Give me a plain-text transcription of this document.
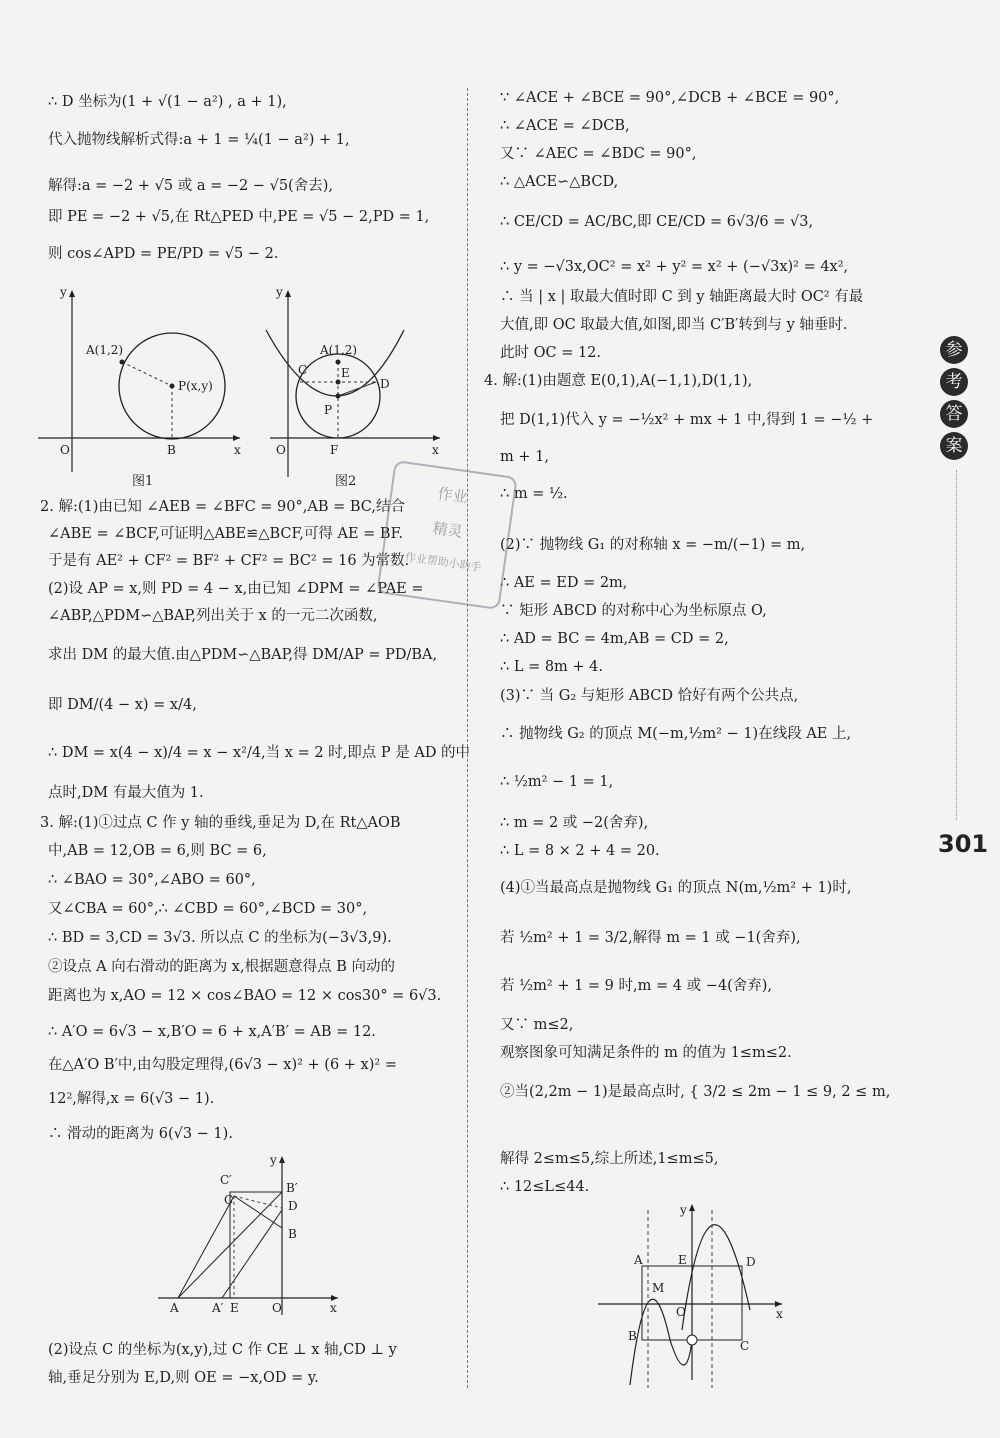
∴ D 坐标为(1 + √(1 − a²) , a + 1),
代入抛物线解析式得:a + 1 = ¼(1 − a²) + 1,
解得:a = −2 + √5 或 a = −2 − √5(舍去),
即 PE = −2 + √5,在 Rt△PED 中,PE = √5 − 2,PD = 1,
则 cos∠APD = PE/PD = √5 − 2.
2. 解:(1)由已知 ∠AEB = ∠BFC = 90°,AB = BC,结合
∠ABE = ∠BCF,可证明△ABE≌△BCF,可得 AE = BF.
于是有 AE² + CF² = BF² + CF² = BC² = 16 为常数.
(2)设 AP = x,则 PD = 4 − x,由已知 ∠DPM = ∠PAE =
∠ABP,△PDM∽△BAP,列出关于 x 的一元二次函数,
求出 DM 的最大值.由△PDM∽△BAP,得 DM/AP = PD/BA,
即 DM/(4 − x) = x/4,
∴ DM = x(4 − x)/4 = x − x²/4,当 x = 2 时,即点 P 是 AD 的中
点时,DM 有最大值为 1.
3. 解:(1)①过点 C 作 y 轴的垂线,垂足为 D,在 Rt△AOB
中,AB = 12,OB = 6,则 BC = 6,
∴ ∠BAO = 30°,∠ABO = 60°,
又∠CBA = 60°,∴ ∠CBD = 60°,∠BCD = 30°,
∴ BD = 3,CD = 3√3. 所以点 C 的坐标为(−3√3,9).
②设点 A 向右滑动的距离为 x,根据题意得点 B 向动的
距离也为 x,AO = 12 × cos∠BAO = 12 × cos30° = 6√3.
∴ A′O = 6√3 − x,B′O = 6 + x,A′B′ = AB = 12.
在△A′O B′中,由勾股定理得,(6√3 − x)² + (6 + x)² =
12²,解得,x = 6(√3 − 1).
∴ 滑动的距离为 6(√3 − 1).
(2)设点 C 的坐标为(x,y),过 C 作 CE ⊥ x 轴,CD ⊥ y
轴,垂足分别为 E,D,则 OE = −x,OD = y.
∵ ∠ACE + ∠BCE = 90°,∠DCB + ∠BCE = 90°,
∴ ∠ACE = ∠DCB,
又∵ ∠AEC = ∠BDC = 90°,
∴ △ACE∽△BCD,
∴ CE/CD = AC/BC,即 CE/CD = 6√3/6 = √3,
∴ y = −√3x,OC² = x² + y² = x² + (−√3x)² = 4x²,
∴ 当 | x | 取最大值时即 C 到 y 轴距离最大时 OC² 有最
大值,即 OC 取最大值,如图,即当 C′B′转到与 y 轴垂时.
此时 OC = 12.
4. 解:(1)由题意 E(0,1),A(−1,1),D(1,1),
把 D(1,1)代入 y = −½x² + mx + 1 中,得到 1 = −½ +
m + 1,
∴ m = ½.
(2)∵ 抛物线 G₁ 的对称轴 x = −m/(−1) = m,
∴ AE = ED = 2m,
∵ 矩形 ABCD 的对称中心为坐标原点 O,
∴ AD = BC = 4m,AB = CD = 2,
∴ L = 8m + 4.
(3)∵ 当 G₂ 与矩形 ABCD 恰好有两个公共点,
∴ 抛物线 G₂ 的顶点 M(−m,½m² − 1)在线段 AE 上,
∴ ½m² − 1 = 1,
∴ m = 2 或 −2(舍弃),
∴ L = 8 × 2 + 4 = 20.
(4)①当最高点是抛物线 G₁ 的顶点 N(m,½m² + 1)时,
若 ½m² + 1 = 3/2,解得 m = 1 或 −1(舍弃),
若 ½m² + 1 = 9 时,m = 4 或 −4(舍弃),
又∵ m≤2,
观察图象可知满足条件的 m 的值为 1≤m≤2.
②当(2,2m − 1)是最高点时, { 3/2 ≤ 2m − 1 ≤ 9, 2 ≤ m,
解得 2≤m≤5,综上所述,1≤m≤5,
∴ 12≤L≤44.
y
x
O
A(1,2)
P(x,y)
B
y
x
O
A(1,2)
C	E
D
P
F
图1	图2
y
x
C′
B′
C	D
B
A	A′ E	O
y
x
A	E	D
M
O
B
C
作业
精灵
作业帮助小助手
参
考
答
案
301
